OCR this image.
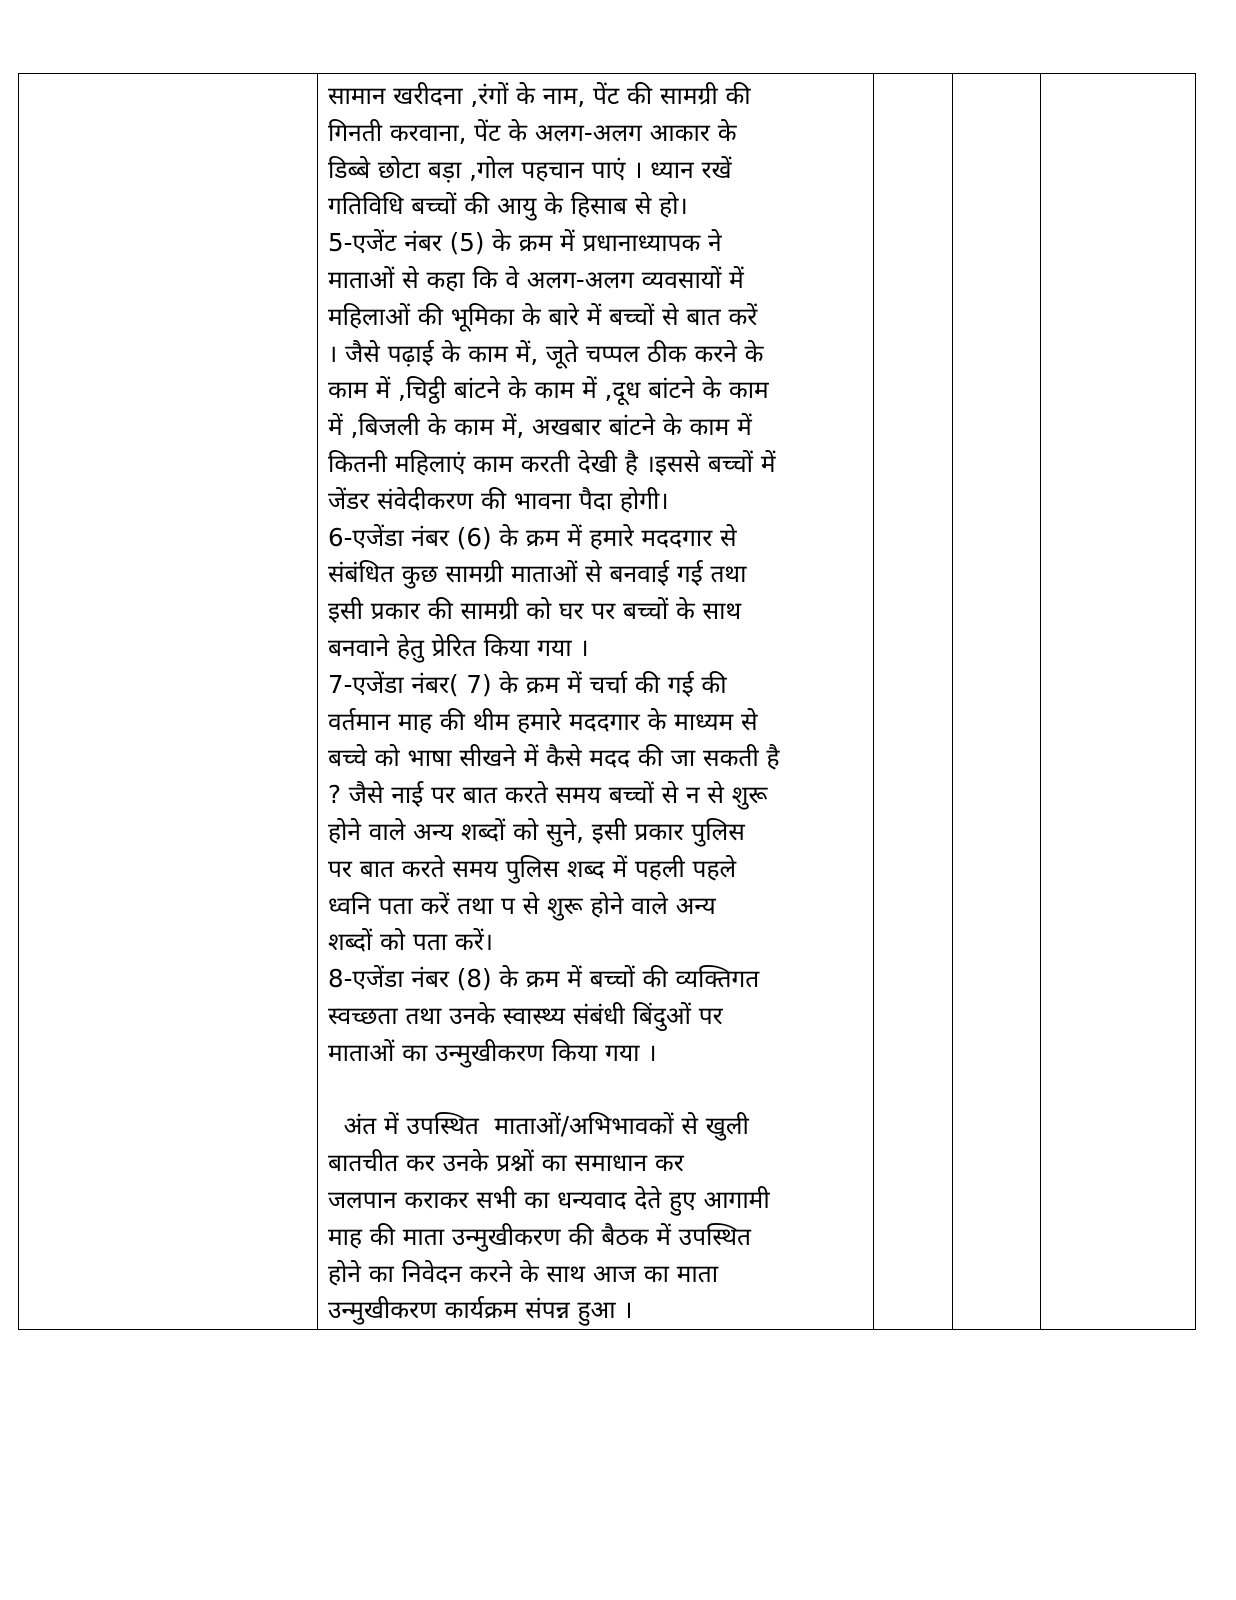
सामान खरीदना ,रंगों के नाम, पेंट की सामग्री की
गिनती करवाना, पेंट के अलग-अलग आकार के
डिब्बे छोटा बड़ा ,गोल पहचान पाएं । ध्यान रखें
गतिविधि बच्चों की आयु के हिसाब से हो।
5-एजेंट नंबर (5) के क्रम में प्रधानाध्यापक ने
माताओं से कहा कि वे अलग-अलग व्यवसायों में
महिलाओं की भूमिका के बारे में बच्चों से बात करें
। जैसे पढ़ाई के काम में, जूते चप्पल ठीक करने के
काम में ,चिट्ठी बांटने के काम में ,दूध बांटने के काम
में ,बिजली के काम में, अखबार बांटने के काम में
कितनी महिलाएं काम करती देखी है ।इससे बच्चों में
जेंडर संवेदीकरण की भावना पैदा होगी।
6-एजेंडा नंबर (6) के क्रम में हमारे मददगार से
संबंधित कुछ सामग्री माताओं से बनवाई गई तथा
इसी प्रकार की सामग्री को घर पर बच्चों के साथ
बनवाने हेतु प्रेरित किया गया ।
7-एजेंडा नंबर( 7) के क्रम में चर्चा की गई की
वर्तमान माह की थीम हमारे मददगार के माध्यम से
बच्चे को भाषा सीखने में कैसे मदद की जा सकती है
? जैसे नाई पर बात करते समय बच्चों से न से शुरू
होने वाले अन्य शब्दों को सुने, इसी प्रकार पुलिस
पर बात करते समय पुलिस शब्द में पहली पहले
ध्वनि पता करें तथा प से शुरू होने वाले अन्य
शब्दों को पता करें।
8-एजेंडा नंबर (8) के क्रम में बच्चों की व्यक्तिगत
स्वच्छता तथा उनके स्वास्थ्य संबंधी बिंदुओं पर
माताओं का उन्मुखीकरण किया गया ।
अंत में उपस्थित  माताओं/अभिभावकों से खुली
बातचीत कर उनके प्रश्नों का समाधान कर
जलपान कराकर सभी का धन्यवाद देते हुए आगामी
माह की माता उन्मुखीकरण की बैठक में उपस्थित
होने का निवेदन करने के साथ आज का माता
उन्मुखीकरण कार्यक्रम संपन्न हुआ ।
